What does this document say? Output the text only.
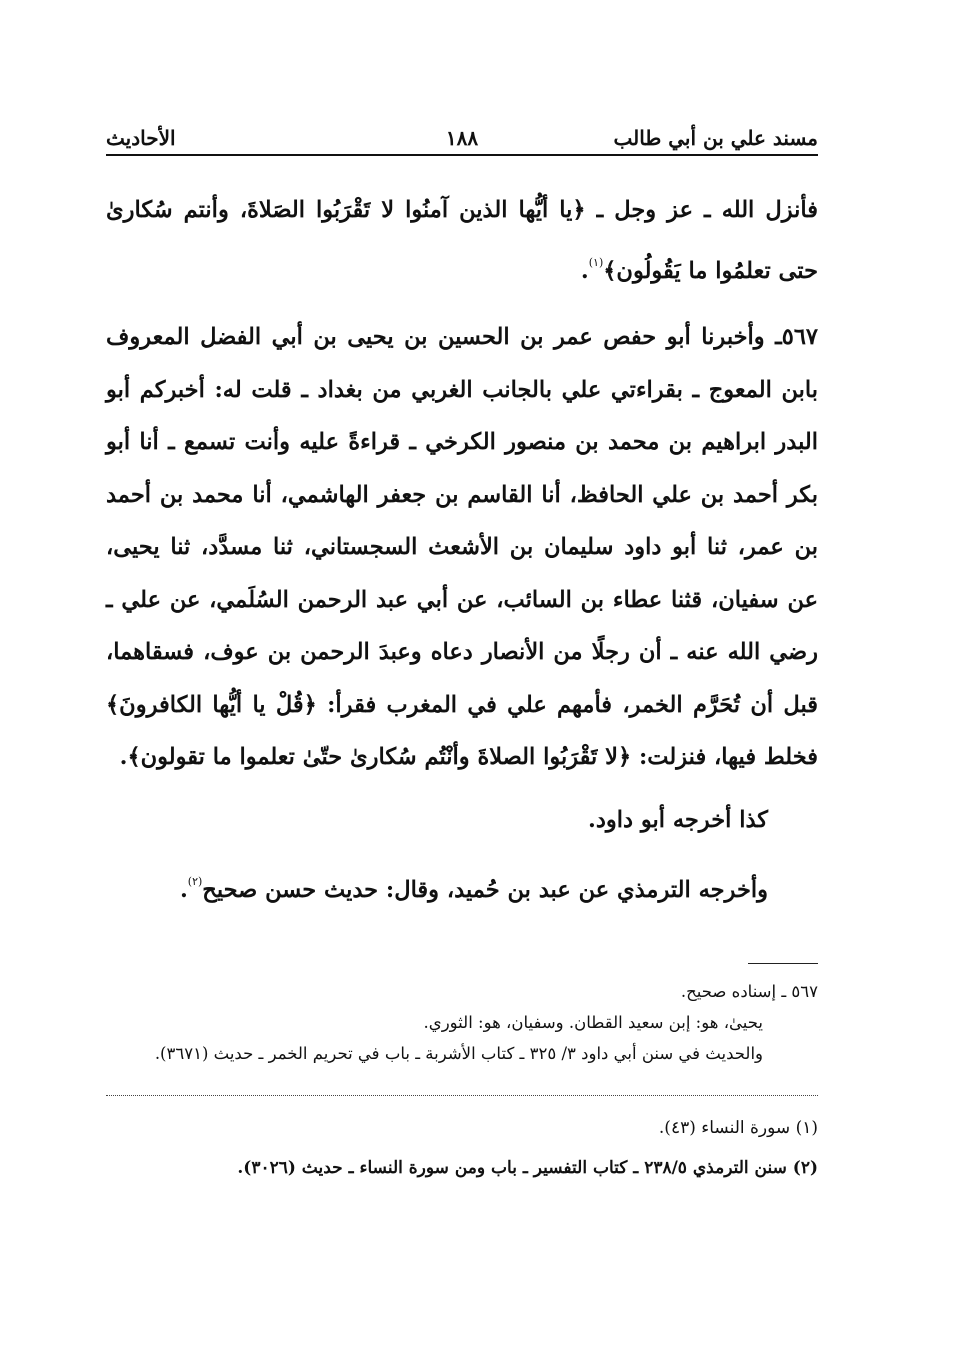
مسند علي بن أبي طالب
١٨٨
الأحاديث

فأنزل الله ـ عز وجل ـ ﴿يا أيُّها الذين آمنُوا لا تَقْرَبُوا الصَلاةَ، وأنتم سُكارىٰ حتى تعلمُوا ما يَقُولُون﴾$^{(١)}$.

٥٦٧ـ وأخبرنا أبو حفص عمر بن الحسين بن يحيى بن أبي الفضل المعروف بابن المعوج ـ بقراءتي علي بالجانب الغربي من بغداد ـ قلت له: أخبركم أبو البدر ابراهيم بن محمد بن منصور الكرخي ـ قراءةً عليه وأنت تسمع ـ أنا أبو بكر أحمد بن علي الحافظ، أنا القاسم بن جعفر الهاشمي، أنا محمد بن أحمد بن عمر، ثنا أبو داود سليمان بن الأشعث السجستاني، ثنا مسدَّد، ثنا يحيى، عن سفيان، قثنا عطاء بن السائب، عن أبي عبد الرحمن السُلَمي، عن علي ـ رضي الله عنه ـ أن رجلًا من الأنصار دعاه وعبدَ الرحمن بن عوف، فسقاهما، قبل أن تُحَرَّم الخمر، فأمهم علي في المغرب فقرأ: ﴿قُلْ يا أيُّها الكافرونَ﴾ فخلط فيها، فنزلت: ﴿لا تَقْرَبُوا الصلاةَ وأنْتُم سُكارىٰ حتّىٰ تعلموا ما تقولون﴾.

كذا أخرجه أبو داود.

وأخرجه الترمذي عن عبد بن حُميد، وقال: حديث حسن صحيح$^{(٢)}$.

٥٦٧ ـ إسناده صحيح.

يحيىٰ، هو: إبن سعيد القطان. وسفيان، هو: الثوري.

والحديث في سنن أبي داود ٣/ ٣٢٥ ـ كتاب الأشربة ـ باب في تحريم الخمر ـ حديث (٣٦٧١).

(١) سورة النساء (٤٣).

(٢) سنن الترمذي ٢٣٨/٥ ـ كتاب التفسير ـ باب ومن سورة النساء ـ حديث (٣٠٢٦).
